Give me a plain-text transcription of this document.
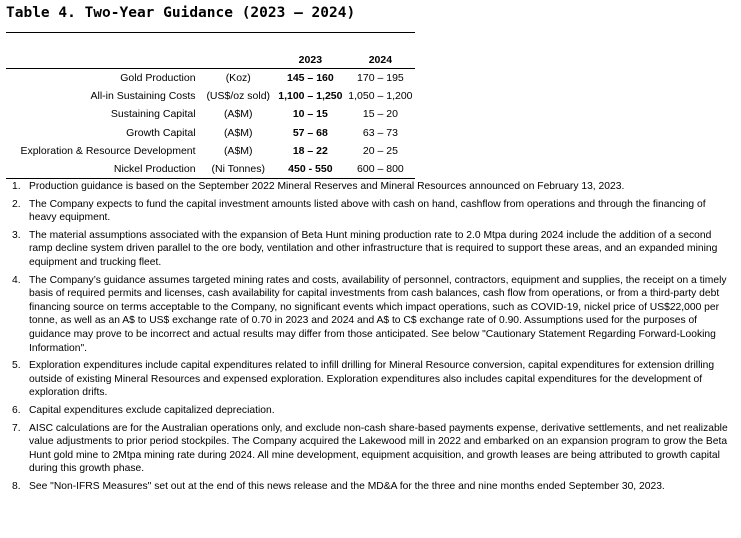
Table 4. Two-Year Guidance (2023 – 2024)
		2023	2024
Gold Production	(Koz)	145 – 160	170 – 195
All-in Sustaining Costs	(US$/oz sold)	1,100 – 1,250	1,050 – 1,200
Sustaining Capital	(A$M)	10 – 15	15 – 20
Growth Capital	(A$M)	57 – 68	63 – 73
Exploration & Resource Development	(A$M)	18 – 22	20 – 25
Nickel Production	(Ni Tonnes)	450 - 550	600 – 800
1. Production guidance is based on the September 2022 Mineral Reserves and Mineral Resources announced on February 13, 2023.
2. The Company expects to fund the capital investment amounts listed above with cash on hand, cashflow from operations and through the financing of heavy equipment.
3. The material assumptions associated with the expansion of Beta Hunt mining production rate to 2.0 Mtpa during 2024 include the addition of a second ramp decline system driven parallel to the ore body, ventilation and other infrastructure that is required to support these areas, and an expanded mining equipment and trucking fleet.
4. The Company’s guidance assumes targeted mining rates and costs, availability of personnel, contractors, equipment and supplies, the receipt on a timely basis of required permits and licenses, cash availability for capital investments from cash balances, cash flow from operations, or from a third-party debt financing source on terms acceptable to the Company, no significant events which impact operations, such as COVID-19, nickel price of US$22,000 per tonne, as well as an A$ to US$ exchange rate of 0.70 in 2023 and 2024 and A$ to C$ exchange rate of 0.90. Assumptions used for the purposes of guidance may prove to be incorrect and actual results may differ from those anticipated. See below "Cautionary Statement Regarding Forward-Looking Information".
5. Exploration expenditures include capital expenditures related to infill drilling for Mineral Resource conversion, capital expenditures for extension drilling outside of existing Mineral Resources and expensed exploration. Exploration expenditures also includes capital expenditures for the development of exploration drifts.
6. Capital expenditures exclude capitalized depreciation.
7. AISC calculations are for the Australian operations only, and exclude non-cash share-based payments expense, derivative settlements, and net realizable value adjustments to prior period stockpiles. The Company acquired the Lakewood mill in 2022 and embarked on an expansion program to grow the Beta Hunt gold mine to 2Mtpa mining rate during 2024. All mine development, equipment acquisition, and growth leases are being attributed to growth capital during this growth phase.
8. See "Non-IFRS Measures" set out at the end of this news release and the MD&A for the three and nine months ended September 30, 2023.
